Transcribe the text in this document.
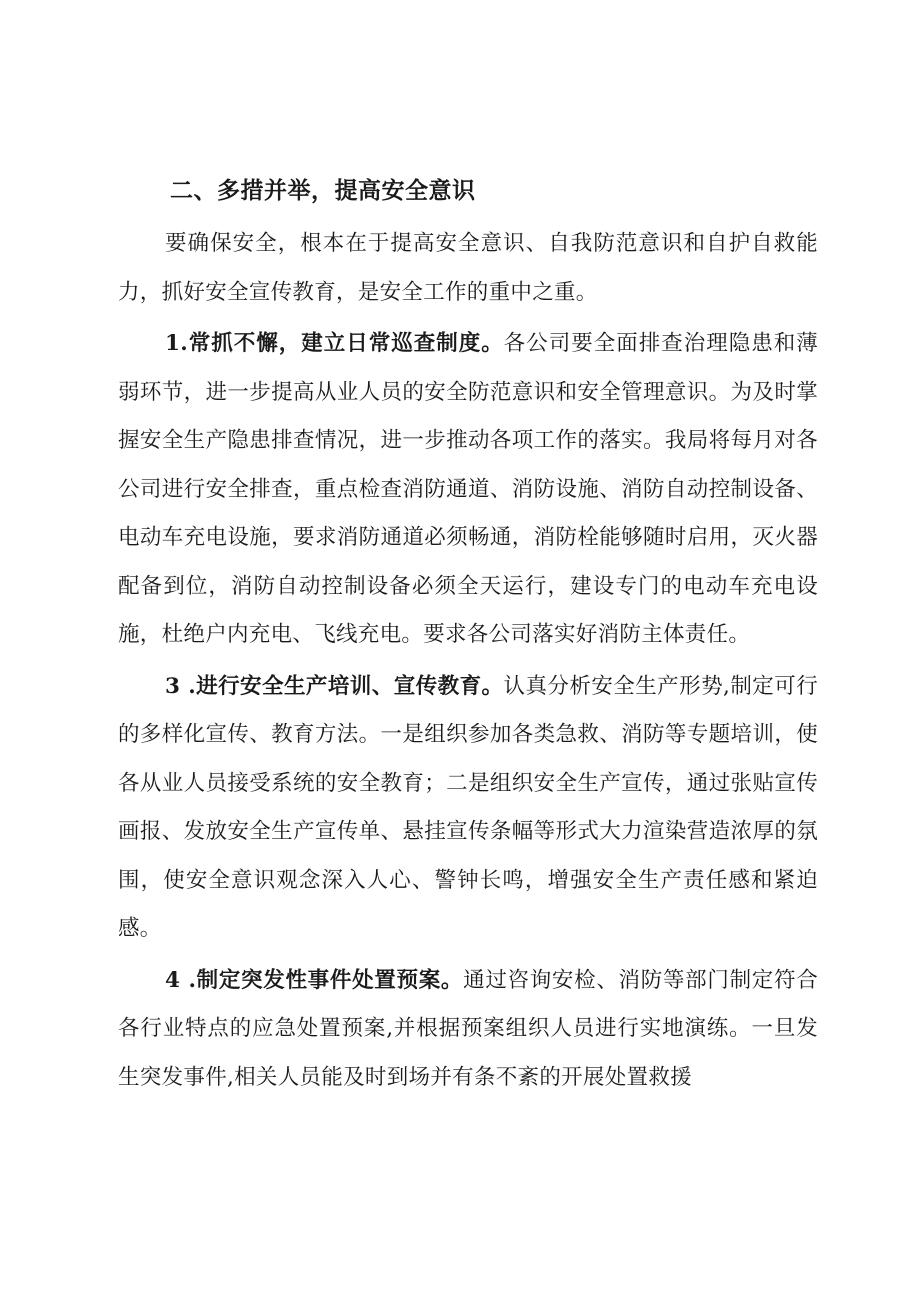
二、多措并举，提高安全意识

要确保安全，根本在于提高安全意识、自我防范意识和自护自救能力，抓好安全宣传教育，是安全工作的重中之重。

1.常抓不懈，建立日常巡查制度。各公司要全面排查治理隐患和薄弱环节，进一步提高从业人员的安全防范意识和安全管理意识。为及时掌握安全生产隐患排查情况，进一步推动各项工作的落实。我局将每月对各公司进行安全排查，重点检查消防通道、消防设施、消防自动控制设备、电动车充电设施，要求消防通道必须畅通，消防栓能够随时启用，灭火器配备到位，消防自动控制设备必须全天运行，建设专门的电动车充电设施，杜绝户内充电、飞线充电。要求各公司落实好消防主体责任。

3 .进行安全生产培训、宣传教育。认真分析安全生产形势,制定可行的多样化宣传、教育方法。一是组织参加各类急救、消防等专题培训，使各从业人员接受系统的安全教育；二是组织安全生产宣传，通过张贴宣传画报、发放安全生产宣传单、悬挂宣传条幅等形式大力渲染营造浓厚的氛围，使安全意识观念深入人心、警钟长鸣，增强安全生产责任感和紧迫感。

4 .制定突发性事件处置预案。通过咨询安检、消防等部门制定符合各行业特点的应急处置预案,并根据预案组织人员进行实地演练。一旦发生突发事件,相关人员能及时到场并有条不紊的开展处置救援
